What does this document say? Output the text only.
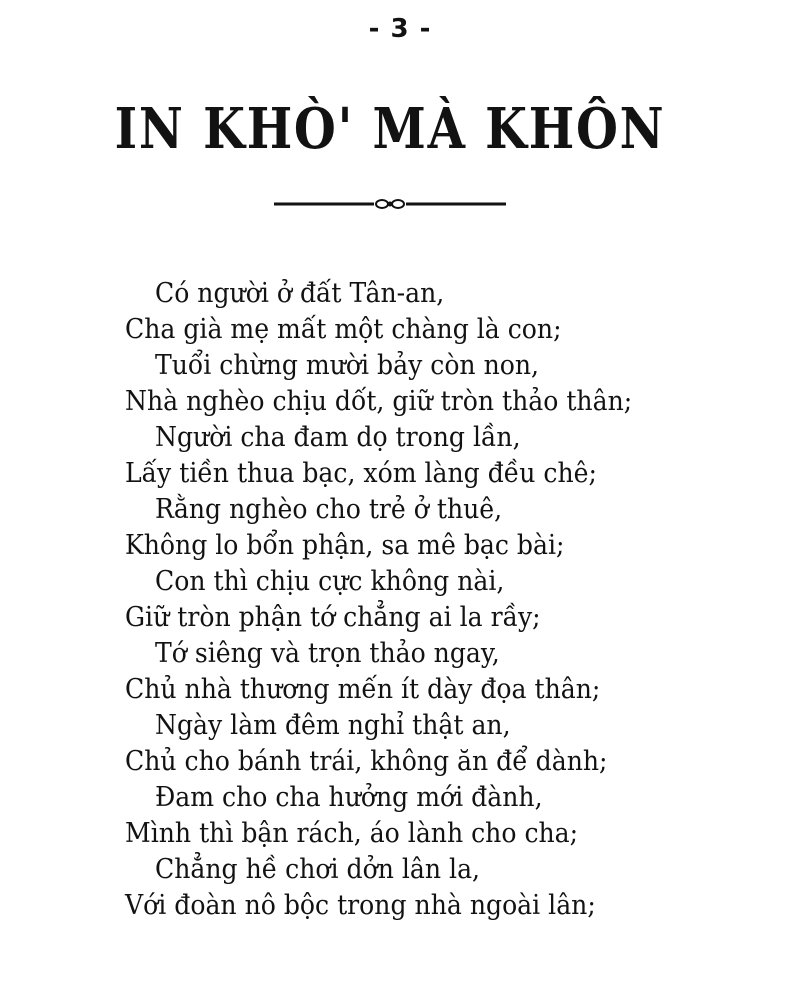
- 3 -
IN KHÒ' MÀ KHÔN
Có người ở đất Tân-an,
Cha già mẹ mất một chàng là con;
Tuổi chừng mười bảy còn non,
Nhà nghèo chịu dốt, giữ tròn thảo thân;
Người cha đam dọ trong lần,
Lấy tiền thua bạc, xóm làng đều chê;
Rằng nghèo cho trẻ ở thuê,
Không lo bổn phận, sa mê bạc bài;
Con thì chịu cực không nài,
Giữ tròn phận tớ chẳng ai la rầy;
Tớ siêng và trọn thảo ngay,
Chủ nhà thương mến ít dày đọa thân;
Ngày làm đêm nghỉ thật an,
Chủ cho bánh trái, không ăn để dành;
Đam cho cha hưởng mới đành,
Mình thì bận rách, áo lành cho cha;
Chẳng hề chơi dởn lân la,
Với đoàn nô bộc trong nhà ngoài lân;
